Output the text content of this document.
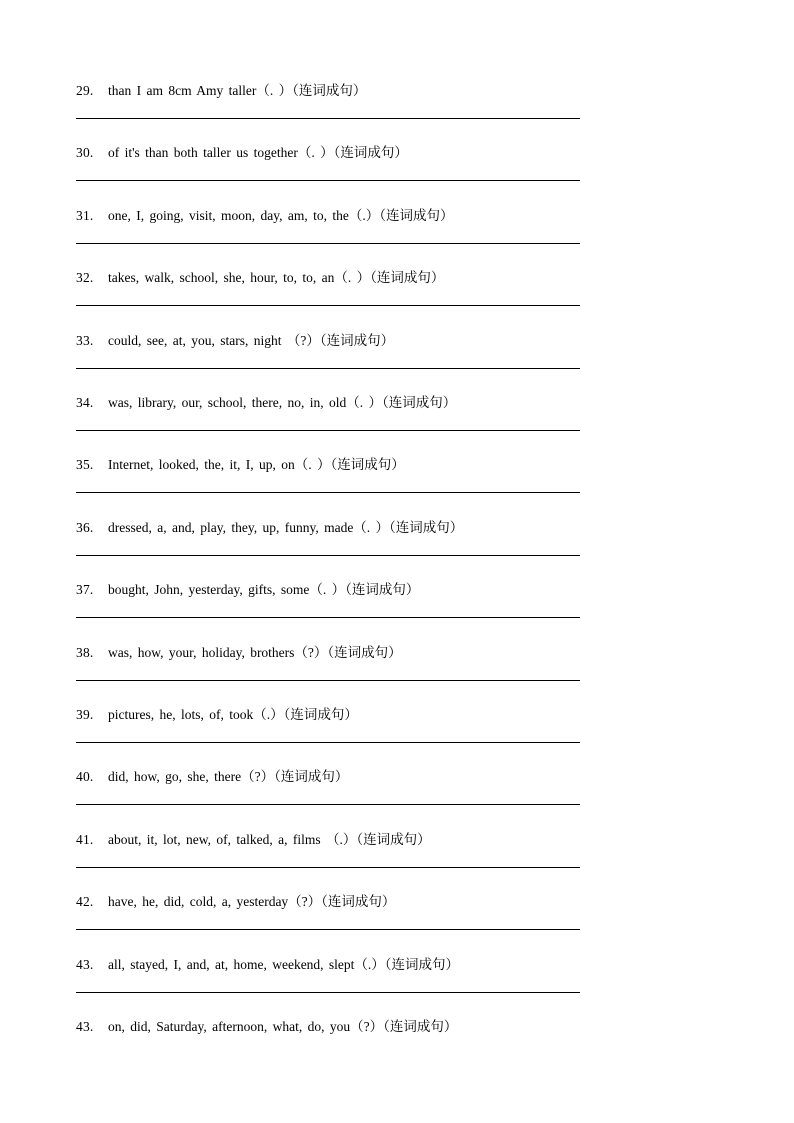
29. than I am 8cm Amy taller（. ）（连词成句）
30. of it's than both taller us together（. ）（连词成句）
31. one, I, going, visit, moon, day, am, to, the（.）（连词成句）
32. takes, walk, school, she, hour, to, to, an（. ）（连词成句）
33. could, see, at, you, stars, night （?）（连词成句）
34. was, library, our, school, there, no, in, old（. ）（连词成句）
35. Internet, looked, the, it, I, up, on（. ）（连词成句）
36. dressed, a, and, play, they, up, funny, made（. ）（连词成句）
37. bought, John, yesterday, gifts, some（. ）（连词成句）
38. was, how, your, holiday, brothers（?）（连词成句）
39. pictures, he, lots, of, took（.）（连词成句）
40. did, how, go, she, there（?）（连词成句）
41. about, it, lot, new, of, talked, a, films （.）（连词成句）
42. have, he, did, cold, a, yesterday（?）（连词成句）
43. all, stayed, I, and, at, home, weekend, slept（.）（连词成句）
43. on, did, Saturday, afternoon, what, do, you（?）（连词成句）
